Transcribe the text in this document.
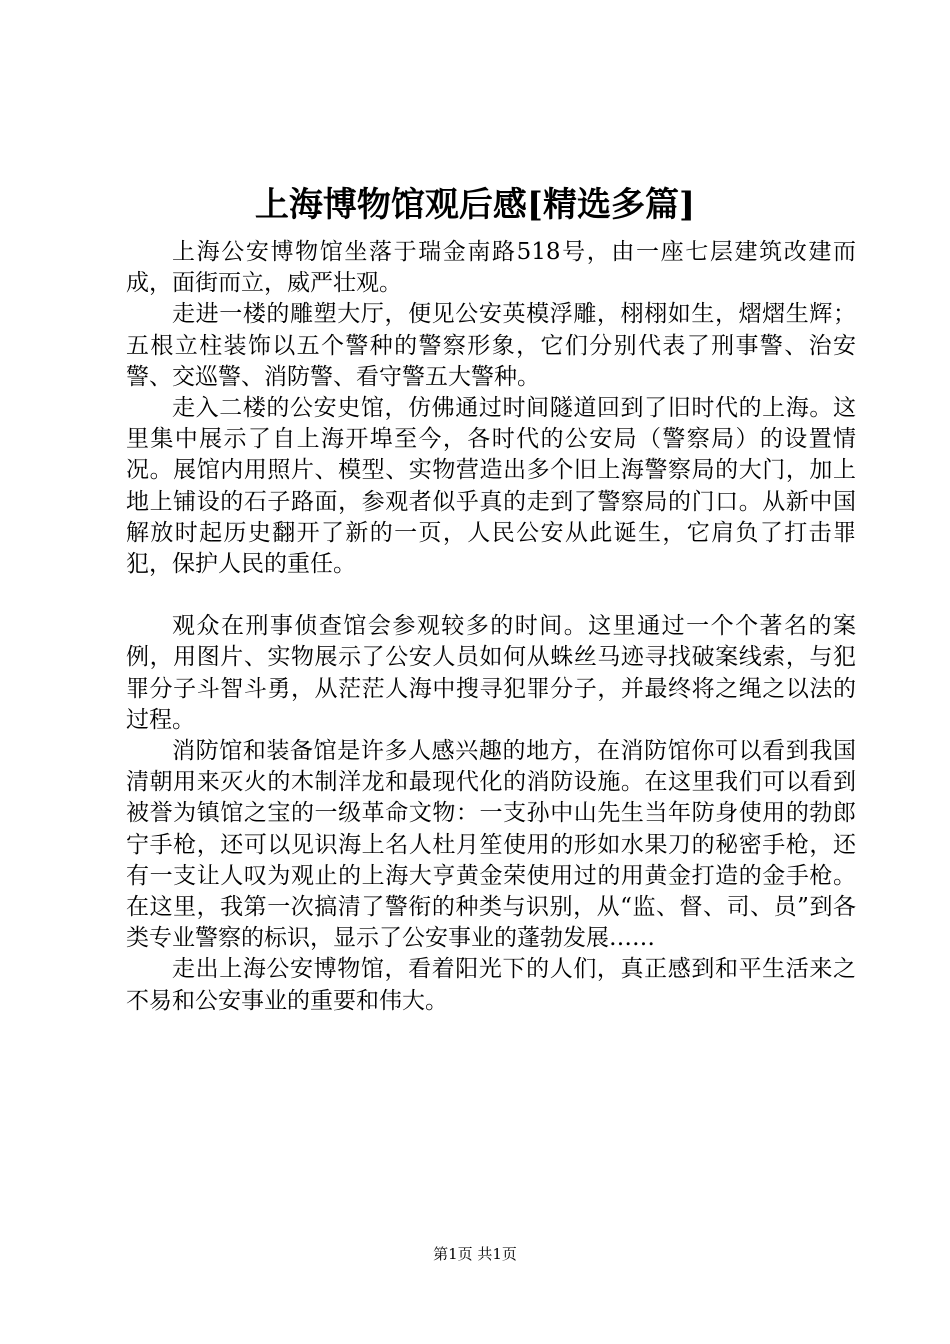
上海博物馆观后感[精选多篇]

上海公安博物馆坐落于瑞金南路518号，由一座七层建筑改建而成，面街而立，威严壮观。

走进一楼的雕塑大厅，便见公安英模浮雕，栩栩如生，熠熠生辉；五根立柱装饰以五个警种的警察形象，它们分别代表了刑事警、治安警、交巡警、消防警、看守警五大警种。

走入二楼的公安史馆，仿佛通过时间隧道回到了旧时代的上海。这里集中展示了自上海开埠至今，各时代的公安局（警察局）的设置情况。展馆内用照片、模型、实物营造出多个旧上海警察局的大门，加上地上铺设的石子路面，参观者似乎真的走到了警察局的门口。从新中国解放时起历史翻开了新的一页，人民公安从此诞生，它肩负了打击罪犯，保护人民的重任。

观众在刑事侦查馆会参观较多的时间。这里通过一个个著名的案例，用图片、实物展示了公安人员如何从蛛丝马迹寻找破案线索，与犯罪分子斗智斗勇，从茫茫人海中搜寻犯罪分子，并最终将之绳之以法的过程。

消防馆和装备馆是许多人感兴趣的地方，在消防馆你可以看到我国清朝用来灭火的木制洋龙和最现代化的消防设施。在这里我们可以看到被誉为镇馆之宝的一级革命文物：一支孙中山先生当年防身使用的勃郎宁手枪，还可以见识海上名人杜月笙使用的形如水果刀的秘密手枪，还有一支让人叹为观止的上海大亨黄金荣使用过的用黄金打造的金手枪。在这里，我第一次搞清了警衔的种类与识别，从“监、督、司、员”到各类专业警察的标识，显示了公安事业的蓬勃发展……

走出上海公安博物馆，看着阳光下的人们，真正感到和平生活来之不易和公安事业的重要和伟大。

第1页 共1页
